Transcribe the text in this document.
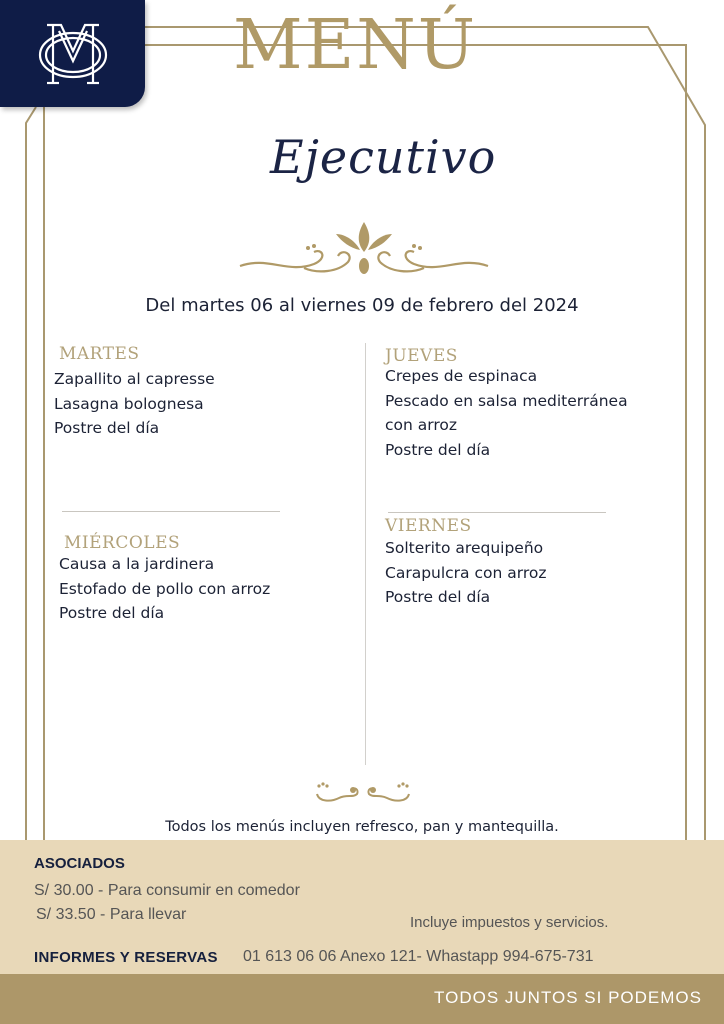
MENÚ
Ejecutivo
Del martes 06 al viernes 09 de febrero del 2024
MARTES
Zapallito al capresse
Lasagna bolognesa
Postre del día
MIÉRCOLES
Causa a la jardinera
Estofado de pollo con arroz
Postre del día
JUEVES
Crepes de espinaca
Pescado en salsa mediterránea
con arroz
Postre del día
VIERNES
Solterito arequipeño
Carapulcra con arroz
Postre del día
Todos los menús incluyen refresco, pan y mantequilla.
ASOCIADOS
S/ 30.00 - Para consumir en comedor
S/ 33.50 - Para llevar	Incluye impuestos y servicios.
INFORMES Y RESERVAS 01 613 06 06 Anexo 121- Whastapp 994-675-731
TODOS JUNTOS SI PODEMOS
